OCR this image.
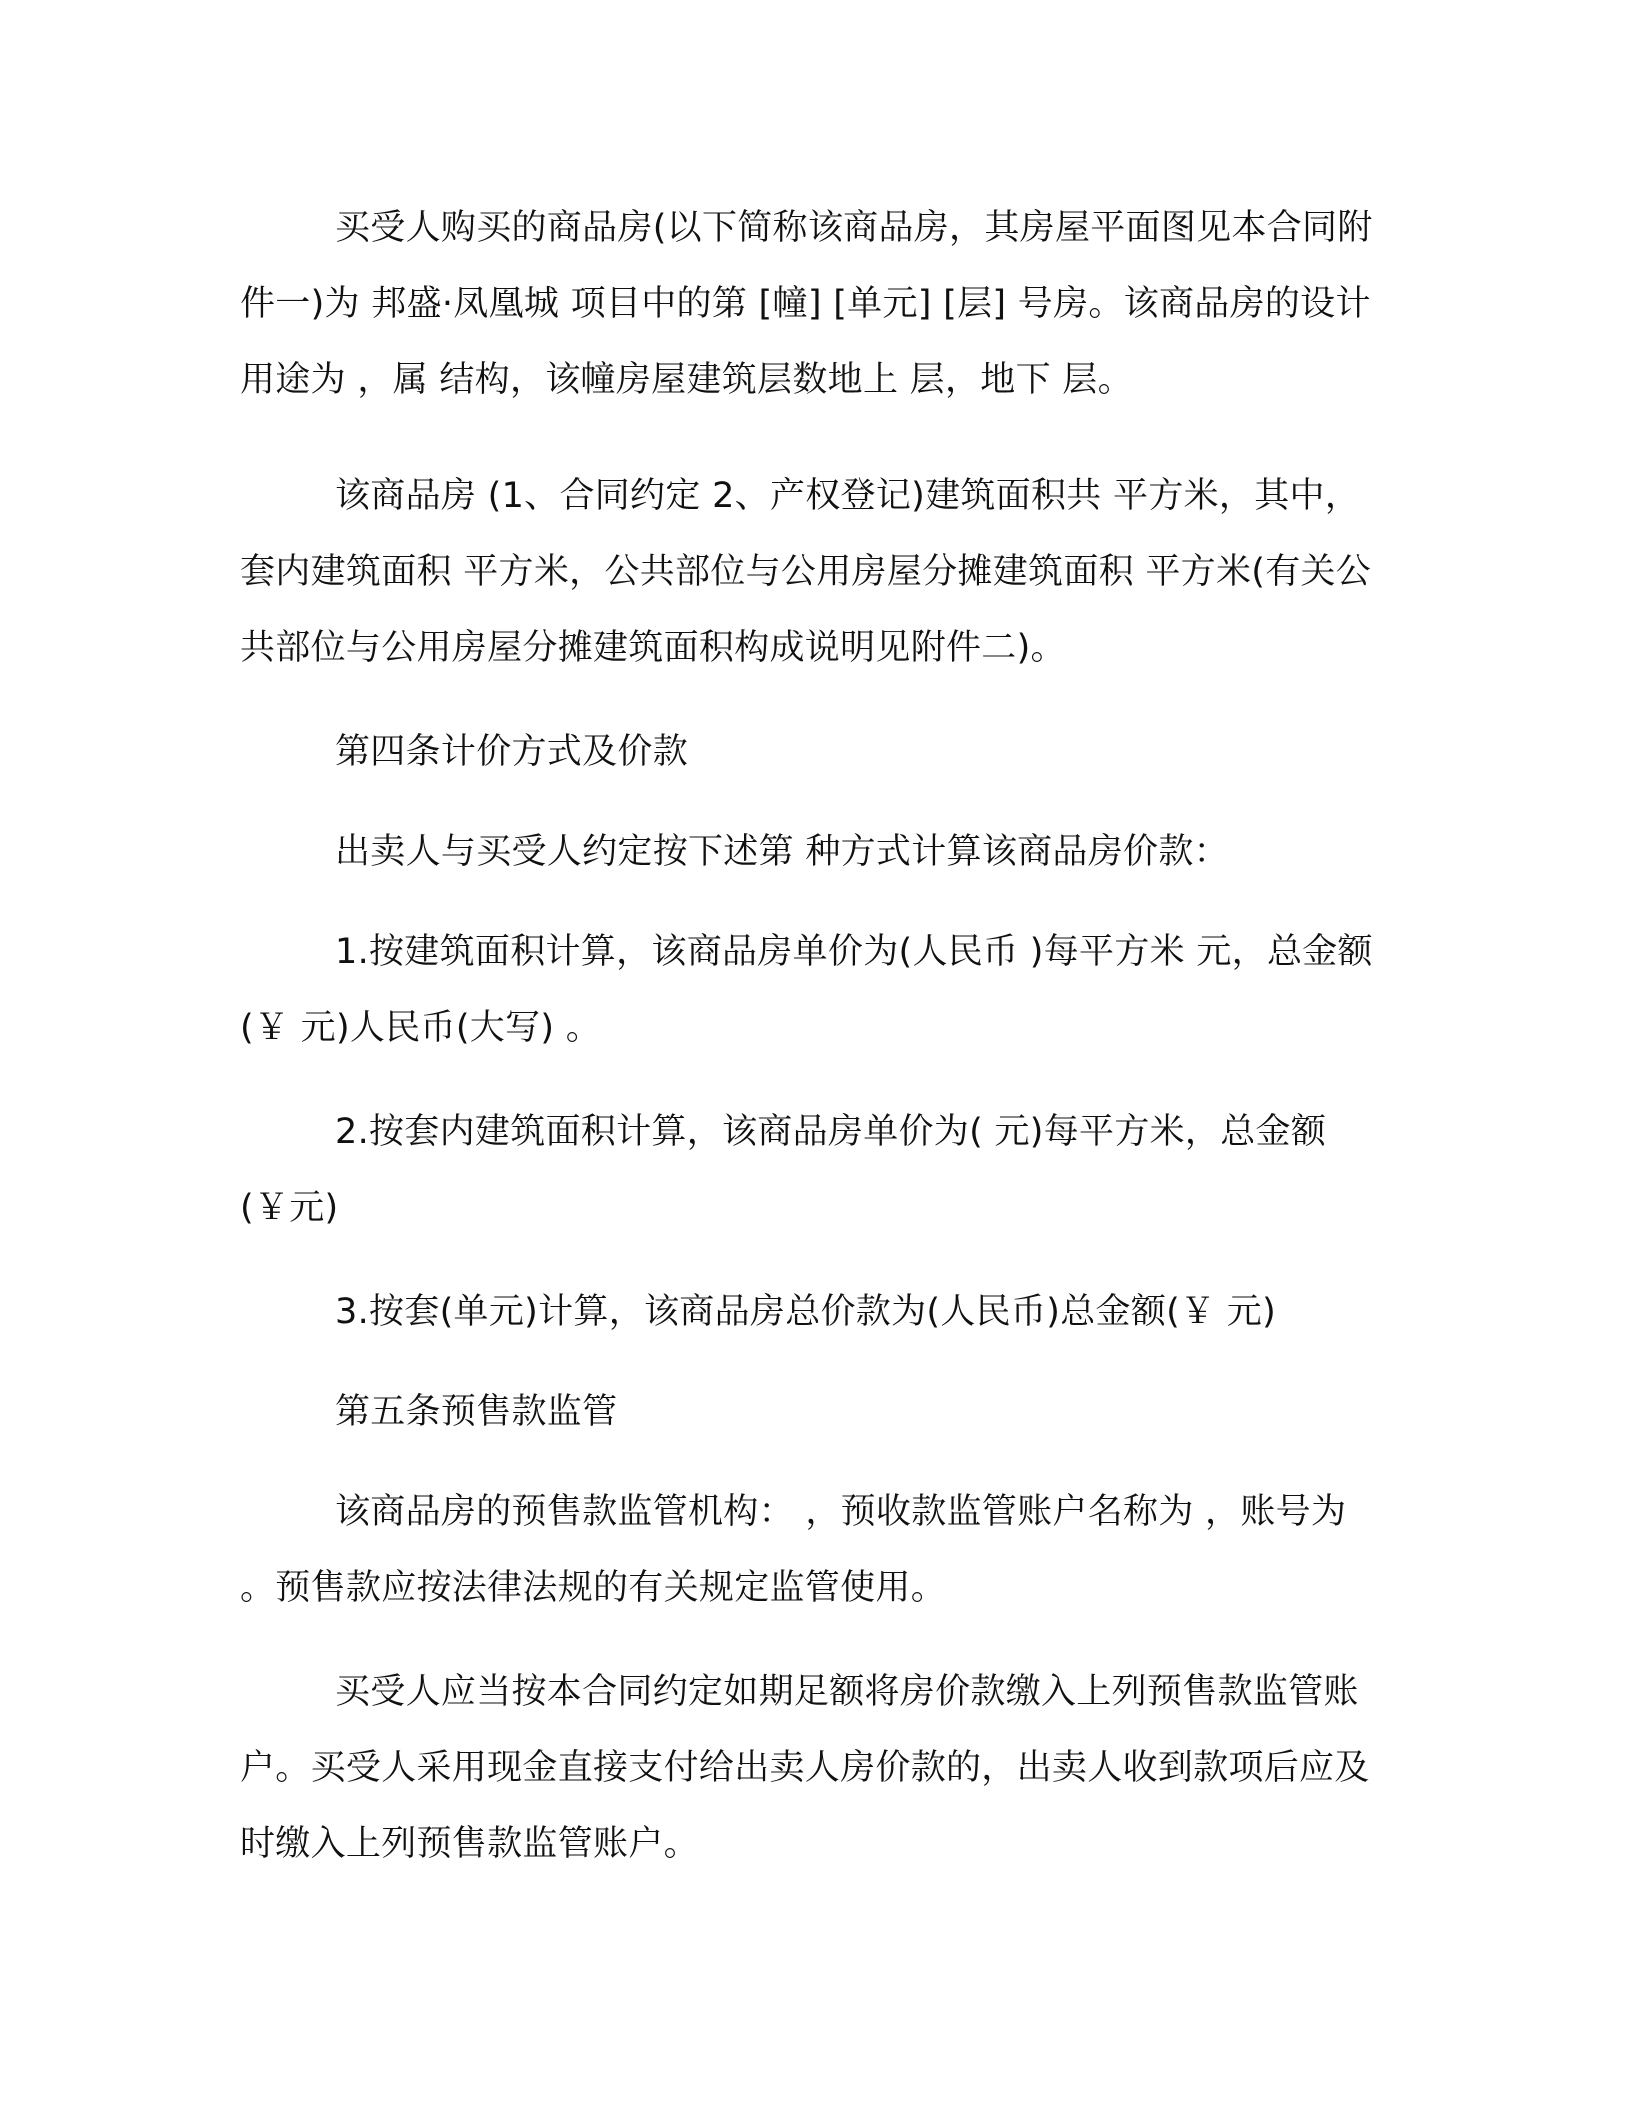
买受人购买的商品房(以下简称该商品房，其房屋平面图见本合同附件一)为 邦盛·凤凰城 项目中的第 [幢] [单元] [层] 号房。该商品房的设计用途为 ，属 结构，该幢房屋建筑层数地上 层，地下 层。

该商品房 (1、合同约定 2、产权登记)建筑面积共 平方米，其中，套内建筑面积 平方米，公共部位与公用房屋分摊建筑面积 平方米(有关公共部位与公用房屋分摊建筑面积构成说明见附件二)。

第四条计价方式及价款

出卖人与买受人约定按下述第 种方式计算该商品房价款：

1.按建筑面积计算，该商品房单价为(人民币 )每平方米 元，总金额(￥ 元)人民币(大写) 。

2.按套内建筑面积计算，该商品房单价为( 元)每平方米，总金额(￥元)

3.按套(单元)计算，该商品房总价款为(人民币)总金额(￥ 元)

第五条预售款监管

该商品房的预售款监管机构： ，预收款监管账户名称为 ，账号为 。预售款应按法律法规的有关规定监管使用。

买受人应当按本合同约定如期足额将房价款缴入上列预售款监管账户。买受人采用现金直接支付给出卖人房价款的，出卖人收到款项后应及时缴入上列预售款监管账户。
